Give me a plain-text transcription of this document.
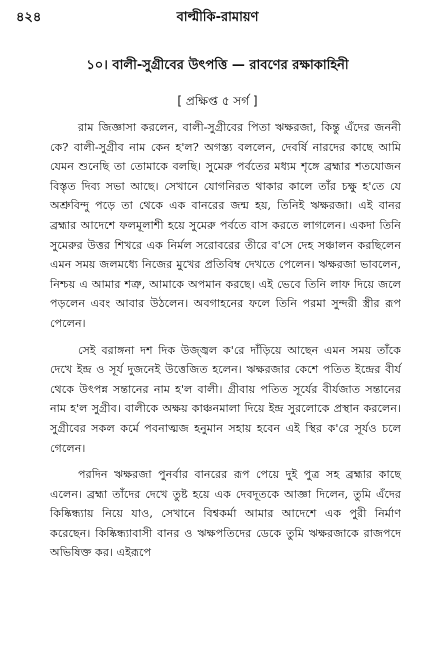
৪২৪	বাল্মীকি-রামায়ণ
১০। বালী-সুগ্রীবের উৎপত্তি — রাবণের রক্ষাকাহিনী
[ প্রক্ষিপ্ত ৫ সর্গ ]

রাম জিজ্ঞাসা করলেন, বালী-সুগ্রীবের পিতা ঋক্ষরজা, কিন্তু এঁদের জননী কে? বালী-সুগ্রীব নাম কেন হ'ল? অগস্ত্য বললেন, দেবর্ষি নারদের কাছে আমি যেমন শুনেছি তা তোমাকে বলছি। সুমেরু পর্বতের মধ্যম শৃঙ্গে ব্রহ্মার শতযোজন বিস্তৃত দিব্য সভা আছে। সেখানে যোগনিরত থাকার কালে তাঁর চক্ষু হ'তে যে অশ্রুবিন্দু পড়ে তা থেকে এক বানরের জন্ম হয়, তিনিই ঋক্ষরজা। এই বানর ব্রহ্মার আদেশে ফলমূলাশী হয়ে সুমেরু পর্বতে বাস করতে লাগলেন। একদা তিনি সুমেরুর উত্তর শিখরে এক নির্মল সরোবরের তীরে ব'সে দেহ সঞ্চালন করছিলেন এমন সময় জলমধ্যে নিজের মুখের প্রতিবিম্ব দেখতে পেলেন। ঋক্ষরজা ভাবলেন, নিশ্চয় এ আমার শত্রু, আমাকে অপমান করছে। এই ভেবে তিনি লাফ দিয়ে জলে পড়লেন এবং আবার উঠলেন। অবগাহনের ফলে তিনি পরমা সুন্দরী স্ত্রীর রূপ পেলেন।

সেই বরাঙ্গনা দশ দিক উজ্জ্বল ক'রে দাঁড়িয়ে আছেন এমন সময় তাঁকে দেখে ইন্দ্র ও সূর্য দুজনেই উত্তেজিত হলেন। ঋক্ষরজার কেশে পতিত ইন্দ্রের বীর্য থেকে উৎপন্ন সন্তানের নাম হ'ল বালী। গ্রীবায় পতিত সূর্যের বীর্যজাত সন্তানের নাম হ'ল সুগ্রীব। বালীকে অক্ষয় কাঞ্চনমালা দিয়ে ইন্দ্র সুরলোকে প্রস্থান করলেন। সুগ্রীবের সকল কর্মে পবনাত্মজ হনুমান সহায় হবেন এই স্থির ক'রে সূর্যও চলে গেলেন।

পরদিন ঋক্ষরজা পুনর্বার বানরের রূপ পেয়ে দুই পুত্র সহ ব্রহ্মার কাছে এলেন। ব্রহ্মা তাঁদের দেখে তুষ্ট হয়ে এক দেবদূতকে আজ্ঞা দিলেন, তুমি এঁদের কিষ্কিন্ধ্যায় নিয়ে যাও, সেখানে বিশ্বকর্মা আমার আদেশে এক পুরী নির্মাণ করেছেন। কিষ্কিন্ধ্যাবাসী বানর ও ঋক্ষপতিদের ডেকে তুমি ঋক্ষরজাকে রাজপদে অভিষিক্ত কর। এইরূপে
